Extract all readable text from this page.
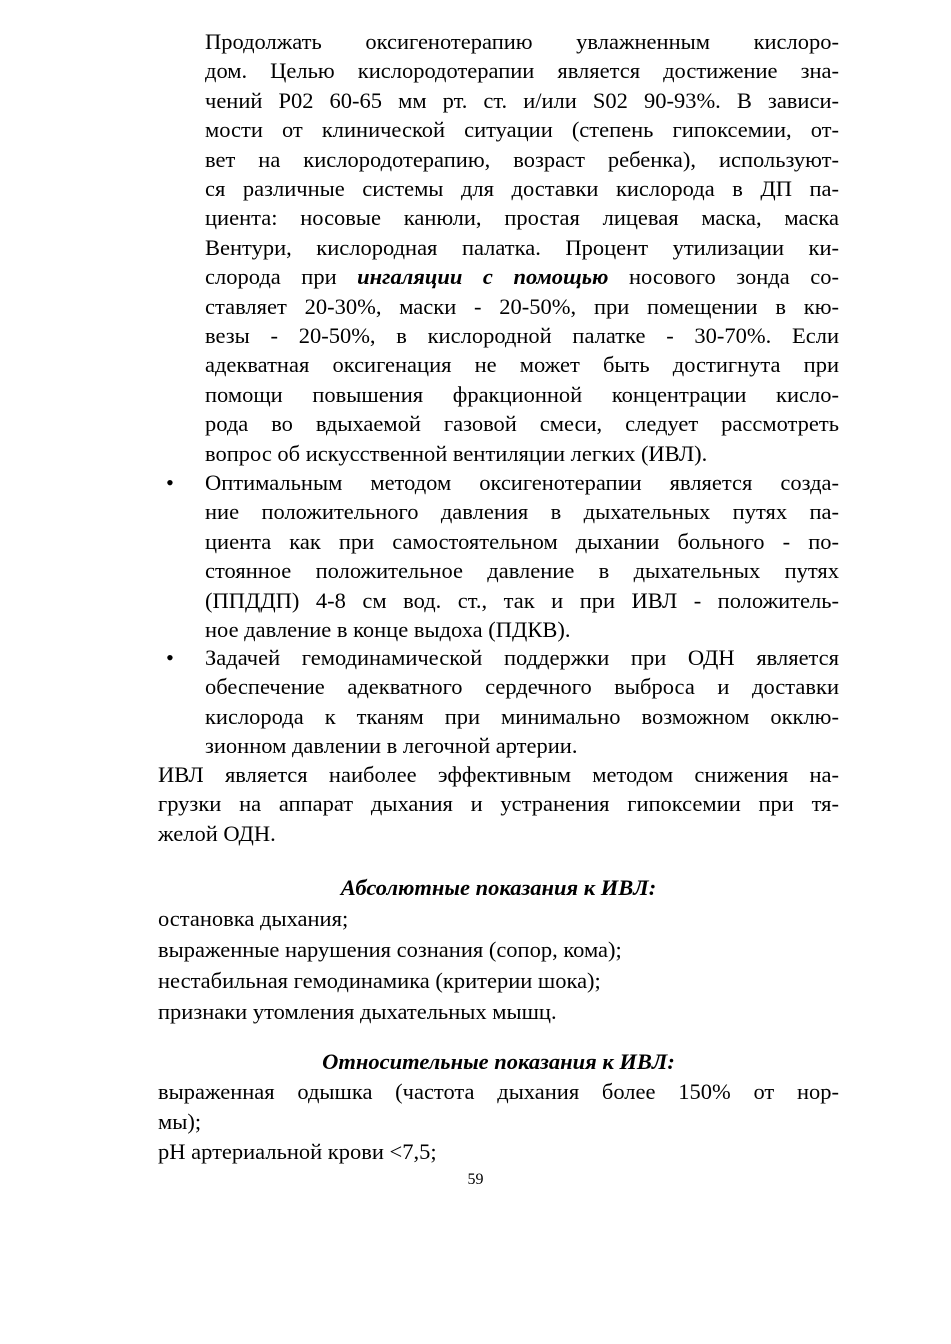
Продолжать оксигенотерапию увлажненным кислоро-
дом. Целью кислородотерапии является достижение зна-
чений P02 60-65 мм рт. ст. и/или S02 90-93%. В зависи-
мости от клинической ситуации (степень гипоксемии, от-
вет на кислородотерапию, возраст ребенка), используют-
ся различные системы для доставки кислорода в ДП па-
циента: носовые канюли, простая лицевая маска, маска
Вентури, кислородная палатка. Процент утилизации ки-
слорода при ингаляции с помощью носового зонда со-
ставляет 20-30%, маски - 20-50%, при помещении в кю-
везы - 20-50%, в кислородной палатке - 30-70%. Если
адекватная оксигенация не может быть достигнута при
помощи повышения фракционной концентрации кисло-
рода во вдыхаемой газовой смеси, следует рассмотреть
вопрос об искусственной вентиляции легких (ИВЛ).
• Оптимальным методом оксигенотерапии является созда-
ние положительного давления в дыхательных путях па-
циента как при самостоятельном дыхании больного - по-
стоянное положительное давление в дыхательных путях
(ППДДП) 4-8 см вод. ст., так и при ИВЛ - положитель-
ное давление в конце выдоха (ПДКВ).
• Задачей гемодинамической поддержки при ОДН является
обеспечение адекватного сердечного выброса и доставки
кислорода к тканям при минимально возможном окклю-
зионном давлении в легочной артерии.
ИВЛ является наиболее эффективным методом снижения на-
грузки на аппарат дыхания и устранения гипоксемии при тя-
желой ОДН.
Абсолютные показания к ИВЛ:
остановка дыхания;
выраженные нарушения сознания (сопор, кома);
нестабильная гемодинамика (критерии шока);
признаки утомления дыхательных мышц.
Относительные показания к ИВЛ:
выраженная одышка (частота дыхания более 150% от нор-
мы);
pH артериальной крови <7,5;
59
